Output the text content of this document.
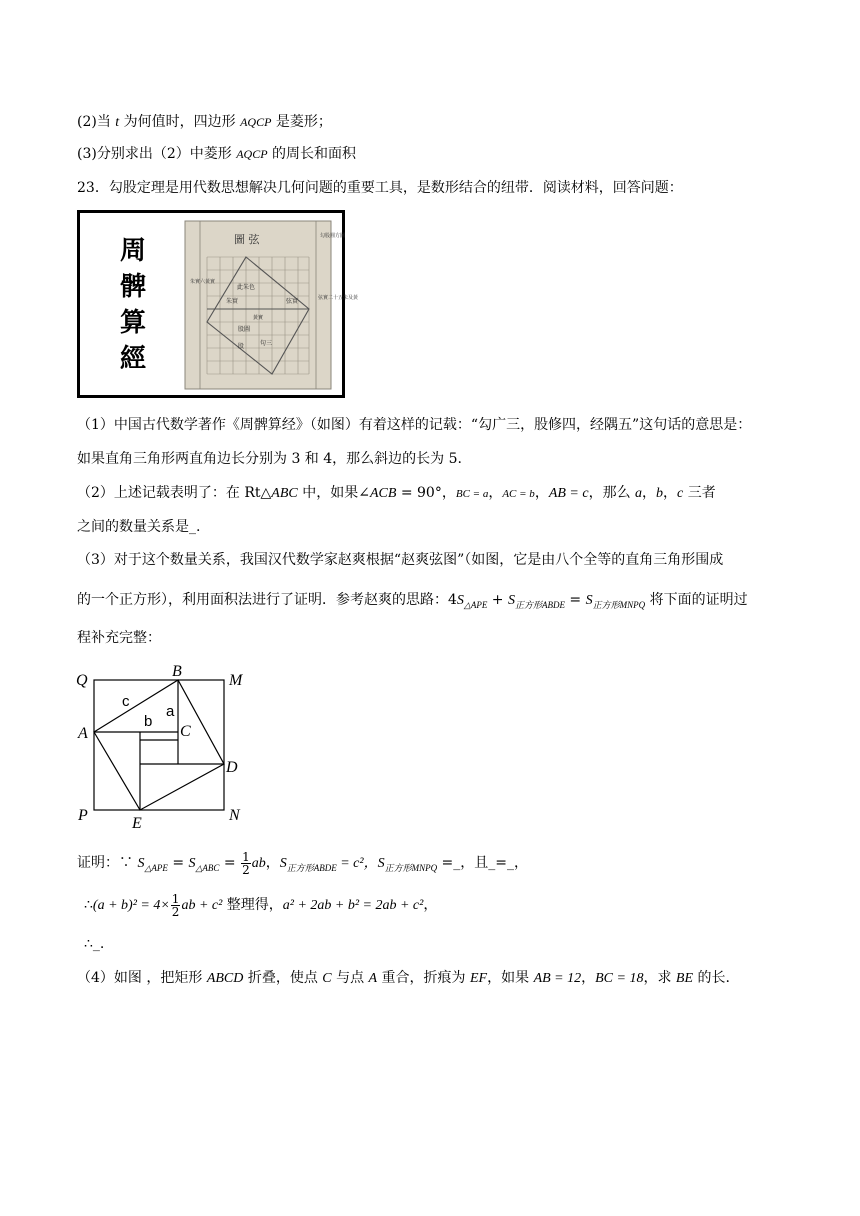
(2)当 t 为何值时，四边形 AQCP 是菱形；
(3)分别求出（2）中菱形 AQCP 的周长和面积
23．勾股定理是用代数思想解决几何问题的重要工具，是数形结合的纽带．阅读材料，回答问题：
周
髀
算
經
圖 弦
朱實六黃實
勾股圓方圖
弦實二十五朱及黃
朱實
此朱色
黃實
弦實
股圖
股	句三
（1）中国古代数学著作《周髀算经》（如图）有着这样的记载：“勾广三，股修四，经隅五”这句话的意思是：
如果直角三角形两直角边长分别为 3 和 4，那么斜边的长为 5.
（2）上述记载表明了：在 Rt△ABC 中，如果∠ACB = 90°，BC = a，AC = b，AB = c，那么 a，b，c 三者
之间的数量关系是_.
（3）对于这个数量关系，我国汉代数学家赵爽根据“赵爽弦图”（如图，它是由八个全等的直角三角形围成
的一个正方形），利用面积法进行了证明．参考赵爽的思路：$4S_{\triangle APE} + S_{正方形ABDE} = S_{正方形MNPQ}$ 将下面的证明过
程补充完整：
Q
B
M
A	C
D
P	E	N
c
b
a
证明：∵ $S_{\triangle APE} = S_{\triangle ABC} = \frac{1}{2}$ ab，$S_{正方形ABDE} = c^2$，$S_{正方形MNPQ}$ =_，且_=_，
∴(a + $b)^2 = 4\times \frac{1}{2}$ ab + c² 整理得，a² + 2ab + b² = 2ab + c²，
∴_.
（4）如图 ，把矩形 ABCD 折叠，使点 C 与点 A 重合，折痕为 EF，如果 AB = 12，BC = 18，求 BE 的长.
